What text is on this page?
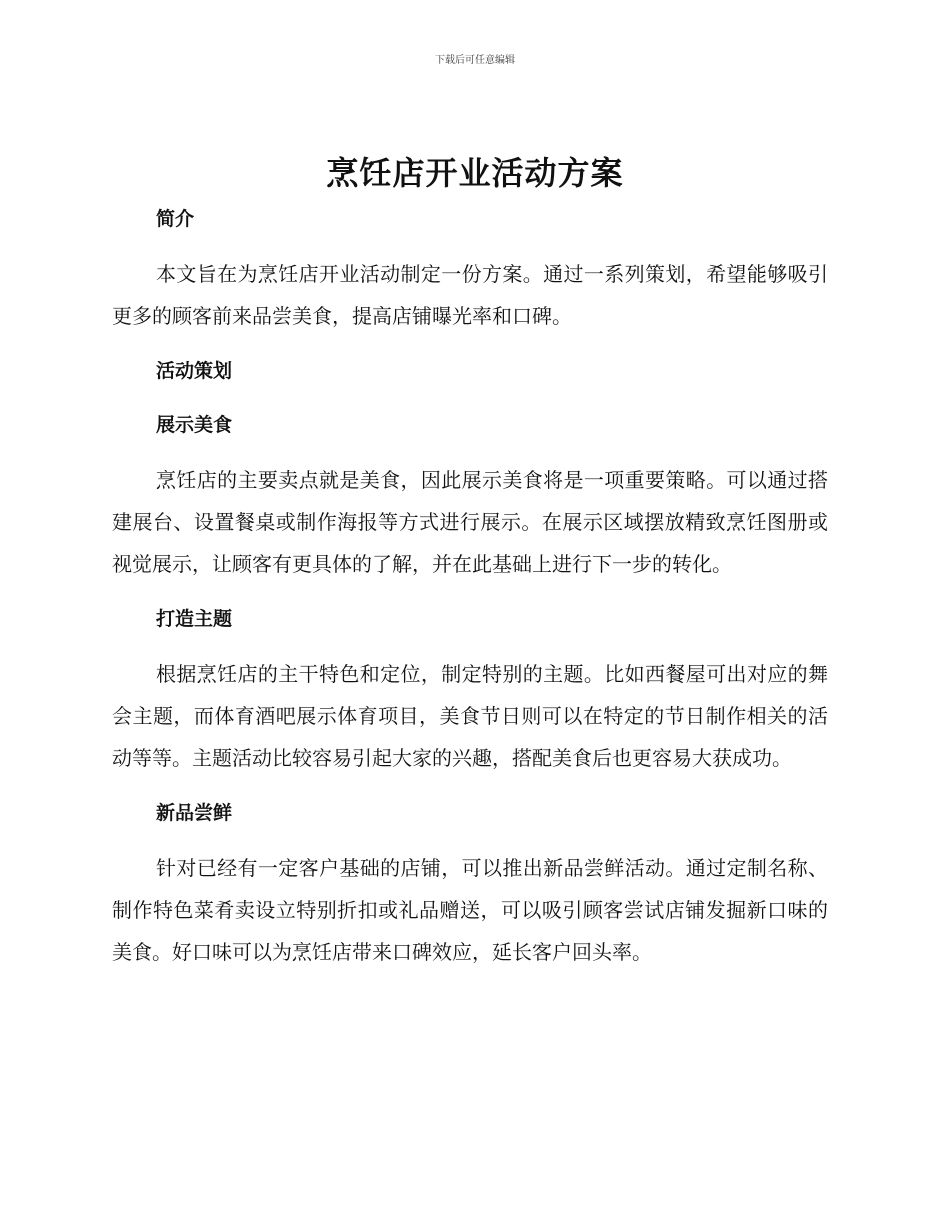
下载后可任意编辑
烹饪店开业活动方案
简介

本文旨在为烹饪店开业活动制定一份方案。通过一系列策划，希望能够吸引更多的顾客前来品尝美食，提高店铺曝光率和口碑。

活动策划
展示美食

烹饪店的主要卖点就是美食，因此展示美食将是一项重要策略。可以通过搭建展台、设置餐桌或制作海报等方式进行展示。在展示区域摆放精致烹饪图册或视觉展示，让顾客有更具体的了解，并在此基础上进行下一步的转化。

打造主题

根据烹饪店的主干特色和定位，制定特别的主题。比如西餐屋可出对应的舞会主题，而体育酒吧展示体育项目，美食节日则可以在特定的节日制作相关的活动等等。主题活动比较容易引起大家的兴趣，搭配美食后也更容易大获成功。

新品尝鲜

针对已经有一定客户基础的店铺，可以推出新品尝鲜活动。通过定制名称、制作特色菜肴卖设立特别折扣或礼品赠送，可以吸引顾客尝试店铺发掘新口味的美食。好口味可以为烹饪店带来口碑效应，延长客户回头率。
